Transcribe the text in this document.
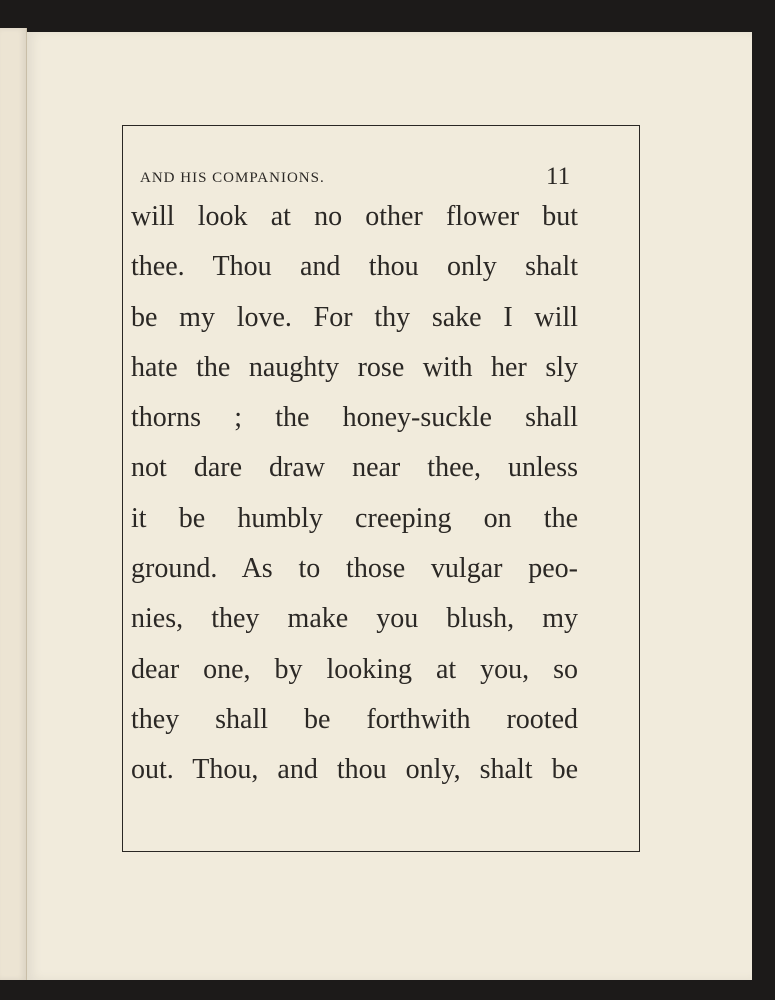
AND HIS COMPANIONS.	11
will look at no other flower but
thee. Thou and thou only shalt
be my love. For thy sake I will
hate the naughty rose with her sly
thorns ; the honey-suckle shall
not dare draw near thee, unless
it be humbly creeping on the
ground. As to those vulgar peo-
nies, they make you blush, my
dear one, by looking at you, so
they shall be forthwith rooted
out. Thou, and thou only, shalt be
